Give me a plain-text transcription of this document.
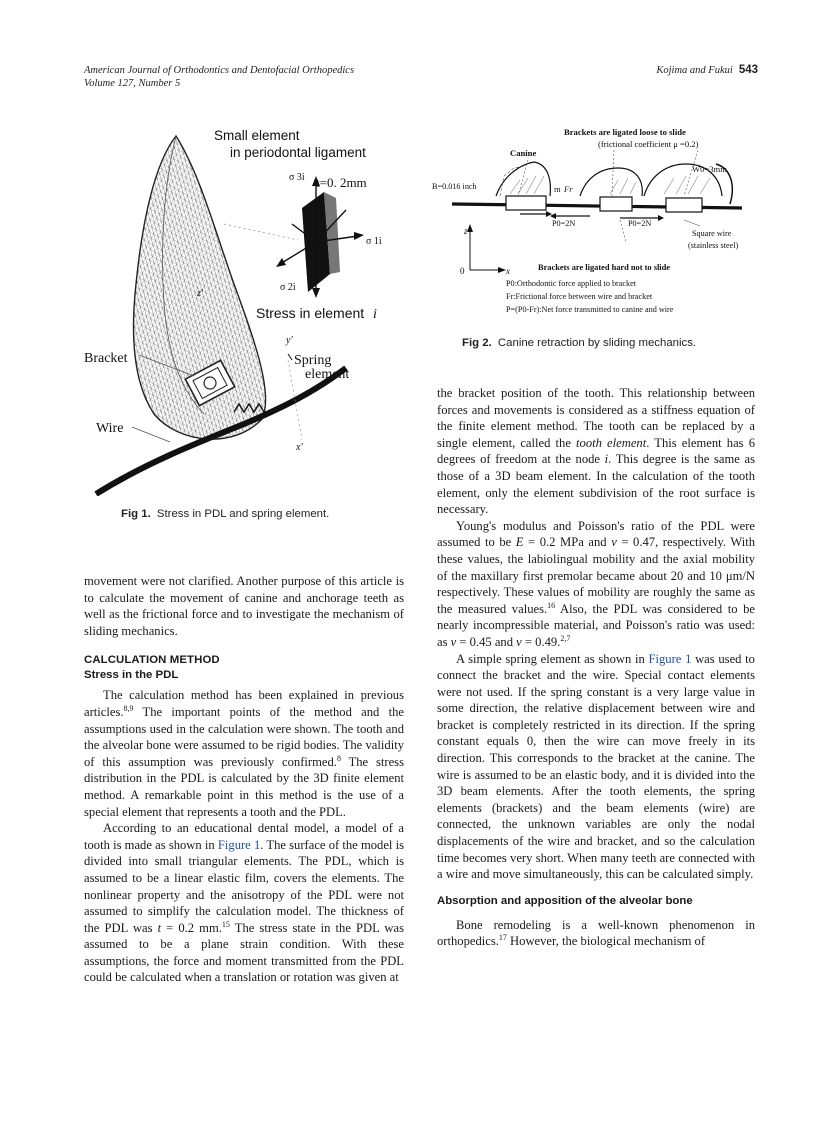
American Journal of Orthodontics and Dentofacial Orthopedics
Volume 127, Number 5
Kojima and Fukui 543
Small element
in periodontal ligament
σ 3i t=0. 2mm
σ 1i
σ 2i
z'
Stress in element i
y'
Bracket	Spring
element
Wire
x'
Fig 1. Stress in PDL and spring element.
Brackets are ligated loose to slide
(frictional coefficient μ =0.2)
Canine
B=0.016 inch	m Fr
P0=2N	P0=2N
W0=3mm
Square wire
(stainless steel)
z
0	x	Brackets are ligated hard not to slide
P0:Orthodontic force applied to bracket
Fr:Frictional force between wire and bracket
P=(P0-Fr):Net force transmitted to canine and wire
Fig 2. Canine retraction by sliding mechanics.

movement were not clarified. Another purpose of this article is to calculate the movement of canine and anchorage teeth as well as the frictional force and to investigate the mechanism of sliding mechanics.

CALCULATION METHOD
Stress in the PDL

The calculation method has been explained in previous articles.$^{8,9}$ The important points of the method and the assumptions used in the calculation were shown. The tooth and the alveolar bone were assumed to be rigid bodies. The validity of this assumption was previously confirmed.$^8$ The stress distribution in the PDL is calculated by the 3D finite element method. A remarkable point in this method is the use of a special element that represents a tooth and the PDL.

According to an educational dental model, a model of a tooth is made as shown in Figure 1. The surface of the model is divided into small triangular elements. The PDL, which is assumed to be a linear elastic film, covers the elements. The nonlinear property and the anisotropy of the PDL were not assumed to simplify the calculation model. The thickness of the PDL was t = 0.2 mm.$^{15}$ The stress state in the PDL was assumed to be a plane strain condition. With these assumptions, the force and moment transmitted from the PDL could be calculated when a translation or rotation was given at

the bracket position of the tooth. This relationship between forces and movements is considered as a stiffness equation of the finite element method. The tooth can be replaced by a single element, called the tooth element. This element has 6 degrees of freedom at the node i. This degree is the same as those of a 3D beam element. In the calculation of the tooth element, only the element subdivision of the root surface is necessary.

Young's modulus and Poisson's ratio of the PDL were assumed to be E = 0.2 MPa and ν = 0.47, respectively. With these values, the labiolingual mobility and the axial mobility of the maxillary first premolar became about 20 and 10 μm/N respectively. These values of mobility are roughly the same as the measured values.$^{16}$ Also, the PDL was considered to be nearly incompressible material, and Poisson's ratio was used: as ν = 0.45 and ν = 0.49.$^{2,7}$

A simple spring element as shown in Figure 1 was used to connect the bracket and the wire. Special contact elements were not used. If the spring constant is a very large value in some direction, the relative displacement between wire and bracket is completely restricted in its direction. If the spring constant equals 0, then the wire can move freely in its direction. This corresponds to the bracket at the canine. The wire is assumed to be an elastic body, and it is divided into the 3D beam elements. After the tooth elements, the spring elements (brackets) and the beam elements (wire) are connected, the unknown variables are only the nodal displacements of the wire and bracket, and so the calculation time becomes very short. When many teeth are connected with a wire and move simultaneously, this can be calculated simply.

Absorption and apposition of the alveolar bone

Bone remodeling is a well-known phenomenon in orthopedics.$^{17}$ However, the biological mechanism of
